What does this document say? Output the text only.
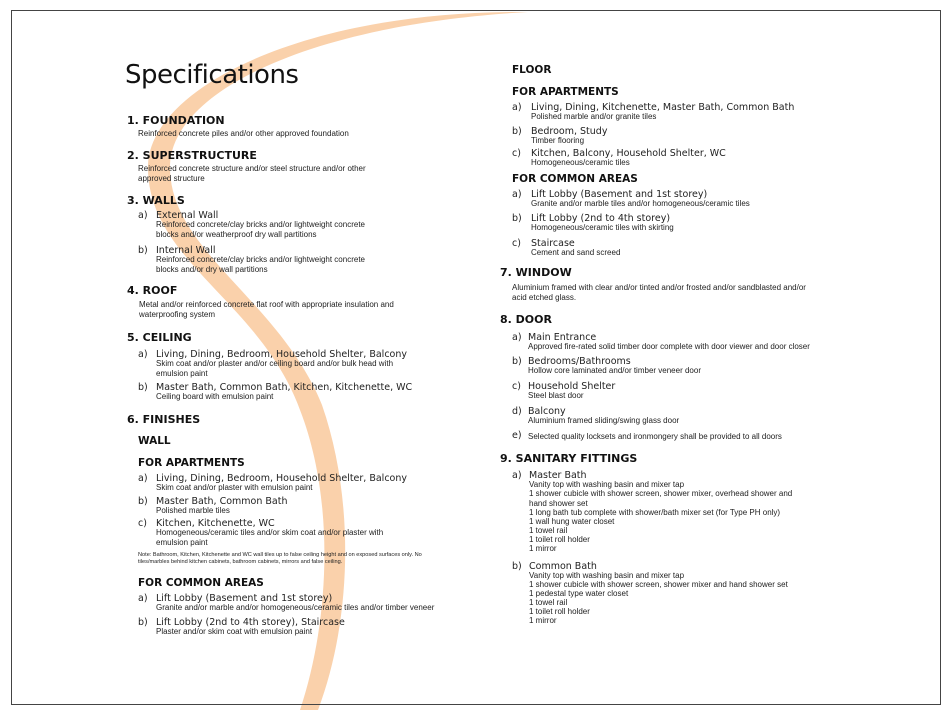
Specifications
1. FOUNDATION
Reinforced concrete piles and/or other approved foundation
2. SUPERSTRUCTURE
Reinforced concrete structure and/or steel structure and/or other approved structure
3. WALLS
a) External Wall
Reinforced concrete/clay bricks and/or lightweight concrete blocks and/or weatherproof dry wall partitions
b) Internal Wall
Reinforced concrete/clay bricks and/or lightweight concrete blocks and/or dry wall partitions
4. ROOF
Metal and/or reinforced concrete flat roof with appropriate insulation and waterproofing system
5. CEILING
a) Living, Dining, Bedroom, Household Shelter, Balcony
Skim coat and/or plaster and/or ceiling board and/or bulk head with emulsion paint
b) Master Bath, Common Bath, Kitchen, Kitchenette, WC
Ceiling board with emulsion paint
6. FINISHES
WALL
FOR APARTMENTS
a) Living, Dining, Bedroom, Household Shelter, Balcony
Skim coat and/or plaster with emulsion paint
b) Master Bath, Common Bath
Polished marble tiles
c) Kitchen, Kitchenette, WC
Homogeneous/ceramic tiles and/or skim coat and/or plaster with emulsion paint
Note: Bathroom, Kitchen, Kitchenette and WC wall tiles up to false ceiling height and on exposed surfaces only. No tiles/marbles behind kitchen cabinets, bathroom cabinets, mirrors and false ceiling.
FOR COMMON AREAS
a) Lift Lobby (Basement and 1st storey)
Granite and/or marble and/or homogeneous/ceramic tiles and/or timber veneer
b) Lift Lobby (2nd to 4th storey), Staircase
Plaster and/or skim coat with emulsion paint
FLOOR
FOR APARTMENTS
a) Living, Dining, Kitchenette, Master Bath, Common Bath
Polished marble and/or granite tiles
b) Bedroom, Study
Timber flooring
c) Kitchen, Balcony, Household Shelter, WC
Homogeneous/ceramic tiles
FOR COMMON AREAS
a) Lift Lobby (Basement and 1st storey)
Granite and/or marble tiles and/or homogeneous/ceramic tiles
b) Lift Lobby (2nd to 4th storey)
Homogeneous/ceramic tiles with skirting
c) Staircase
Cement and sand screed
7. WINDOW
Aluminium framed with clear and/or tinted and/or frosted and/or sandblasted and/or acid etched glass.
8. DOOR
a) Main Entrance
Approved fire-rated solid timber door complete with door viewer and door closer
b) Bedrooms/Bathrooms
Hollow core laminated and/or timber veneer door
c) Household Shelter
Steel blast door
d) Balcony
Aluminium framed sliding/swing glass door
e) Selected quality locksets and ironmongery shall be provided to all doors
9. SANITARY FITTINGS
a) Master Bath
Vanity top with washing basin and mixer tap
1 shower cubicle with shower screen, shower mixer, overhead shower and hand shower set
1 long bath tub complete with shower/bath mixer set (for Type PH only)
1 wall hung water closet
1 towel rail
1 toilet roll holder
1 mirror
b) Common Bath
Vanity top with washing basin and mixer tap
1 shower cubicle with shower screen, shower mixer and hand shower set
1 pedestal type water closet
1 towel rail
1 toilet roll holder
1 mirror
